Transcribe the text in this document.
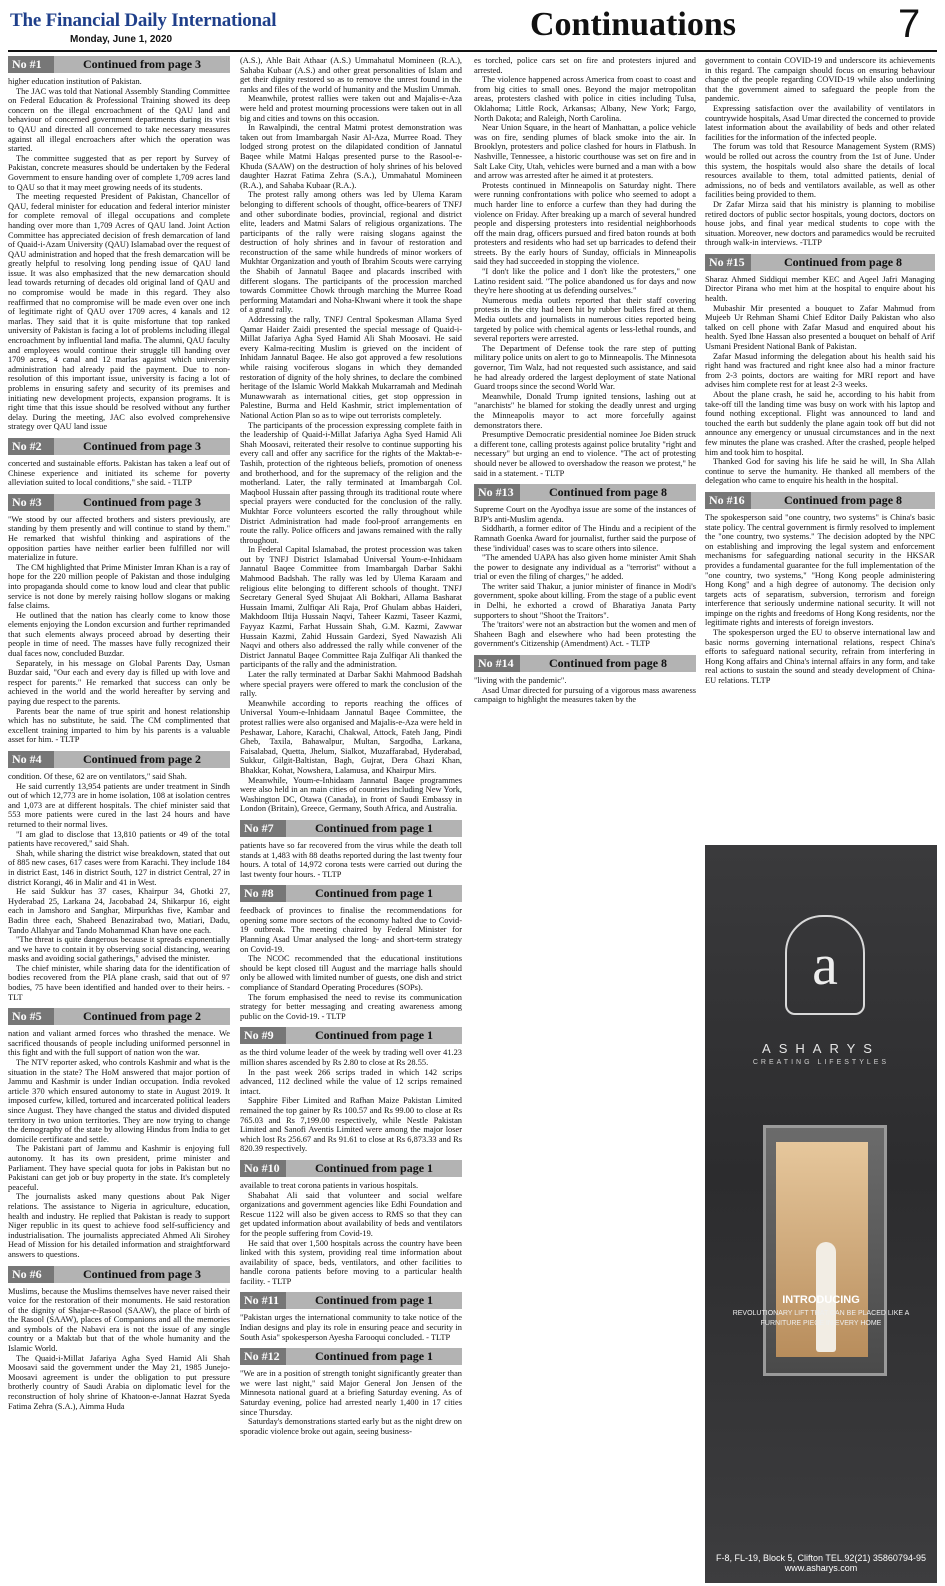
The Financial Daily International
Monday, June 1, 2020	Continuations	7
No #1	Continued from page 3

higher education institution of Pakistan.

The JAC was told that National Assembly Standing Committee on Federal Education & Professional Training showed its deep concern on the illegal encroachment of the QAU land and behaviour of concerned government departments during its visit to QAU and directed all concerned to take necessary measures against all illegal encroachers after which the operation was started.

The committee suggested that as per report by Survey of Pakistan, concrete measures should be undertaken by the Federal Government to ensure handing over of complete 1,709 acres land to QAU so that it may meet growing needs of its students.

The meeting requested President of Pakistan, Chancellor of QAU, federal minister for education and federal interior minister for complete removal of illegal occupations and complete handing over more than 1,709 Acres of QAU land. Joint Action Committee has appreciated decision of fresh demarcation of land of Quaid-i-Azam University (QAU) Islamabad over the request of QAU administration and hoped that the fresh demarcation will be greatly helpful to resolving long pending issue of QAU land issue. It was also emphasized that the new demarcation should lead towards returning of decades old original land of QAU and no compromise would be made in this regard. They also reaffirmed that no compromise will be made even over one inch of legitimate right of QAU over 1709 acres, 4 kanals and 12 marlas. They said that it is quite misfortune that top ranked university of Pakistan is facing a lot of problems including illegal encroachment by influential land mafia. The alumni, QAU faculty and employees would continue their struggle till handing over 1709 acres, 4 canal and 12 marlas against which university administration had already paid the payment. Due to non-resolution of this important issue, university is facing a lot of problems in ensuring safety and security of its premises and initiating new development projects, expansion programs. It is right time that this issue should be resolved without any further delay. During the meeting, JAC also evolved comprehensive strategy over QAU land issue

No #2	Continued from page 3

concerted and sustainable efforts. Pakistan has taken a leaf out of Chinese experience and initiated its scheme for poverty alleviation suited to local conditions," she said. - TLTP

No #3	Continued from page 3

"We stood by our affected brothers and sisters previously, are standing by them presently and will continue to stand by them." He remarked that wishful thinking and aspirations of the opposition parties have neither earlier been fulfilled nor will materialize in future.

The CM highlighted that Prime Minister Imran Khan is a ray of hope for the 220 million people of Pakistan and those indulging into propaganda should come to know loud and clear that public service is not done by merely raising hollow slogans or making false claims.

He outlined that the nation has clearly come to know those elements enjoying the London excursion and further reprimanded that such elements always proceed abroad by deserting their people in time of need. The masses have fully recognized their dual faces now, concluded Buzdar.

Separately, in his message on Global Parents Day, Usman Buzdar said, "Our each and every day is filled up with love and respect for parents." He remarked that success can only be achieved in the world and the world hereafter by serving and paying due respect to the parents.

Parents bear the name of true spirit and honest relationship which has no substitute, he said. The CM complimented that excellent training imparted to him by his parents is a valuable asset for him. - TLTP

No #4	Continued from page 2

condition. Of these, 62 are on ventilators," said Shah.

He said currently 13,954 patients are under treatment in Sindh out of which 12,773 are in home isolation, 108 at isolation centres and 1,073 are at different hospitals. The chief minister said that 553 more patients were cured in the last 24 hours and have returned to their normal lives.

"I am glad to disclose that 13,810 patients or 49 of the total patients have recovered," said Shah.

Shah, while sharing the district wise breakdown, stated that out of 885 new cases, 617 cases were from Karachi. They include 184 in district East, 146 in district South, 127 in district Central, 27 in district Korangi, 46 in Malir and 41 in West.

He said Sukkur has 37 cases, Khairpur 34, Ghotki 27, Hyderabad 25, Larkana 24, Jacobabad 24, Shikarpur 16, eight each in Jamshoro and Sanghar, Mirpurkhas five, Kambar and Badin three each, Shaheed Benazirabad two, Matiari, Dadu, Tando Allahyar and Tando Mohammad Khan have one each.

"The threat is quite dangerous because it spreads exponentially and we have to contain it by observing social distancing, wearing masks and avoiding social gatherings," advised the minister.

The chief minister, while sharing data for the identification of bodies recovered from the PIA plane crash, said that out of 97 bodies, 75 have been identified and handed over to their heirs. - TLT

No #5	Continued from page 2

nation and valiant armed forces who thrashed the menace. We sacrificed thousands of people including uniformed personnel in this fight and with the full support of nation won the war.

The NTV reporter asked, who controls Kashmir and what is the situation in the state? The HoM answered that major portion of Jammu and Kashmir is under Indian occupation. India revoked article 370 which ensured autonomy to state in August 2019. It imposed curfew, killed, tortured and incarcerated political leaders since August. They have changed the status and divided disputed territory in two union territories. They are now trying to change the demography of the state by allowing Hindus from India to get domicile certificate and settle.

The Pakistani part of Jammu and Kashmir is enjoying full autonomy. It has its own president, prime minister and Parliament. They have special quota for jobs in Pakistan but no Pakistani can get job or buy property in the state. It's completely peaceful.

The journalists asked many questions about Pak Niger relations. The assistance to Nigeria in agriculture, education, health and industry. He replied that Pakistan is ready to support Niger republic in its quest to achieve food self-sufficiency and industrialisation. The journalists appreciated Ahmed Ali Sirohey Head of Mission for his detailed information and straightforward answers to questions.

No #6	Continued from page 3

Muslims, because the Muslims themselves have never raised their voice for the restoration of their monuments. He said restoration of the dignity of Shajar-e-Rasool (SAAW), the place of birth of the Rasool (SAAW), places of Companions and all the memories and symbols of the Nabavi era is not the issue of any single country or a Maktab but that of the whole humanity and the Islamic World.

The Quaid-i-Millat Jafariya Agha Syed Hamid Ali Shah Moosavi said the government under the May 21, 1985 Junejo-Moosavi agreement is under the obligation to put pressure brotherly country of Saudi Arabia on diplomatic level for the reconstruction of holy shrine of Khatoon-e-Jannat Hazrat Syeda Fatima Zehra (S.A.), Aimma Huda

(A.S.), Ahle Bait Athaar (A.S.) Ummahatul Momineen (R.A.), Sahaba Kubaar (A.S.) and other great personalities of Islam and get their dignity restored so as to remove the unrest found in the ranks and files of the world of humanity and the Muslim Ummah.

Meanwhile, protest rallies were taken out and Majalis-e-Aza were held and protest mourning processions were taken out in all big and cities and towns on this occasion.

In Rawalpindi, the central Matmi protest demonstration was taken out from Imambargah Nasir Al-Aza, Murree Road. They lodged strong protest on the dilapidated condition of Jannatul Baqee while Matmi Halqas presented purse to the Rasool-e-Khuda (SAAW) on the destruction of holy shrines of his beloved daughter Hazrat Fatima Zehra (S.A.), Ummahatul Momineen (R.A.), and Sahaba Kubaar (R.A.).

The protest rally among others was led by Ulema Karam belonging to different schools of thought, office-bearers of TNFJ and other subordinate bodies, provincial, regional and district elite, leaders and Matmi Salars of religious organizations. The participants of the rally were raising slogans against the destruction of holy shrines and in favour of restoration and reconstruction of the same while hundreds of minor workers of Mukhtar Organization and youth of Ibrahim Scouts were carrying the Shabih of Jannatul Baqee and placards inscribed with different slogans. The participants of the procession marched towards Committee Chowk through marching the Murree Road performing Matamdari and Noha-Khwani where it took the shape of a grand rally.

Addressing the rally, TNFJ Central Spokesman Allama Syed Qamar Haider Zaidi presented the special message of Quaid-i-Millat Jafariya Agha Syed Hamid Ali Shah Moosavi. He said every Kalma-reciting Muslim is grieved on the incident of Inhidam Jannatul Baqee. He also got approved a few resolutions while raising vociferous slogans in which they demanded restoration of dignity of the holy shrines, to declare the combined heritage of the Islamic World Makkah Mukarramah and Medinah Munawwarah as international cities, get stop oppression in Palestine, Burma and Held Kashmir, strict implementation of National Action Plan so as to wipe out terrorists completely.

The participants of the procession expressing complete faith in the leadership of Quaid-i-Millat Jafariya Agha Syed Hamid Ali Shah Moosavi, reiterated their resolve to continue supporting his every call and offer any sacrifice for the rights of the Maktab-e-Tashih, protection of the righteous beliefs, promotion of oneness and brotherhood, and for the supremacy of the religion and the motherland. Later, the rally terminated at Imambargah Col. Maqbool Hussain after passing through its traditional route where special prayers were conducted for the conclusion of the rally. Mukhtar Force volunteers escorted the rally throughout while District Administration had made fool-proof arrangements en route the rally. Police officers and jawans remained with the rally throughout.

In Federal Capital Islamabad, the protest procession was taken out by TNFJ District Islamabad Universal Youm-e-Inhidaam Jannatul Baqee Committee from Imambargah Darbar Sakhi Mahmood Badshah. The rally was led by Ulema Karaam and religious elite belonging to different schools of thought. TNFJ Secretary General Syed Shujaat Ali Bokhari, Allama Basharat Hussain Imami, Zulfiqar Ali Raja, Prof Ghulam abbas Haideri, Makhdoom Iltija Hussain Naqvi, Taheer Kazmi, Taseer Kazmi, Fayyaz Kazmi, Farhat Hussain Shah, G.M. Kazmi, Zawwar Hussain Kazmi, Zahid Hussain Gardezi, Syed Nawazish Ali Naqvi and others also addressed the rally while convener of the District Jannatul Baqee Committee Raja Zulfiqar Ali thanked the participants of the rally and the administration.

Later the rally terminated at Darbar Sakhi Mahmood Badshah where special prayers were offered to mark the conclusion of the rally.

Meanwhile according to reports reaching the offices of Universal Youm-e-Inhidaam Jannatul Baqee Committee, the protest rallies were also organised and Majalis-e-Aza were held in Peshawar, Lahore, Karachi, Chakwal, Attock, Fateh Jang, Pindi Gheb, Taxila, Bahawalpur, Multan, Sargodha, Larkana, Faisalabad, Quetta, Jhelum, Sialkot, Muzaffarabad, Hyderabad, Sukkur, Gilgit-Baltistan, Bagh, Gujrat, Dera Ghazi Khan, Bhakkar, Kohat, Nowshera, Lalamusa, and Khairpur Mirs.

Meanwhile, Youm-e-Inhidaam Jannatul Baqee programmes were also held in an main cities of countries including New York, Washington DC, Otawa (Canada), in front of Saudi Embassy in London (Britain), Greece, Germany, South Africa, and Australia.

No #7	Continued from page 1

patients have so far recovered from the virus while the death toll stands at 1,483 with 88 deaths reported during the last twenty four hours. A total of 14,972 corona tests were carried out during the last twenty four hours. - TLTP

No #8	Continued from page 1

feedback of provinces to finalise the recommendations for opening some more sectors of the economy halted due to Covid-19 outbreak. The meeting chaired by Federal Minister for Planning Asad Umar analysed the long- and short-term strategy on Covid-19.

The NCOC recommended that the educational institutions should be kept closed till August and the marriage halls should only be allowed with limited number of guests, one dish and strict compliance of Standard Operating Procedures (SOPs).

The forum emphasised the need to revise its communication strategy for better messaging and creating awareness among public on the Covid-19. - TLTP

No #9	Continued from page 1

as the third volume leader of the week by trading well over 41.23 million shares ascended by Rs 2.80 to close at Rs 28.55.

In the past week 266 scrips traded in which 142 scrips advanced, 112 declined while the value of 12 scrips remained intact.

Sapphire Fiber Limited and Rafhan Maize Pakistan Limited remained the top gainer by Rs 100.57 and Rs 99.00 to close at Rs 765.03 and Rs 7,199.00 respectively, while Nestle Pakistan Limited and Sanofi Aventis Limited were among the major loser which lost Rs 256.67 and Rs 91.61 to close at Rs 6,873.33 and Rs 820.39 respectively.

No #10	Continued from page 1

available to treat corona patients in various hospitals.

Shabahat Ali said that volunteer and social welfare organizations and government agencies like Edhi Foundation and Rescue 1122 will also be given access to RMS so that they can get updated information about availability of beds and ventilators for the people suffering from Covid-19.

He said that over 1,500 hospitals across the country have been linked with this system, providing real time information about availability of space, beds, ventilators, and other facilities to handle corona patients before moving to a particular health facility. - TLTP

No #11	Continued from page 1

"Pakistan urges the international community to take notice of the Indian designs and play its role in ensuring peace and security in South Asia" spokesperson Ayesha Farooqui concluded. - TLTP

No #12	Continued from page 1

"We are in a position of strength tonight significantly greater than we were last night," said Major General Jon Jensen of the Minnesota national guard at a briefing Saturday evening. As of Saturday evening, police had arrested nearly 1,400 in 17 cities since Thursday.

Saturday's demonstrations started early but as the night drew on sporadic violence broke out again, seeing business-

es torched, police cars set on fire and protesters injured and arrested.

The violence happened across America from coast to coast and from big cities to small ones. Beyond the major metropolitan areas, protesters clashed with police in cities including Tulsa, Oklahoma; Little Rock, Arkansas; Albany, New York; Fargo, North Dakota; and Raleigh, North Carolina.

Near Union Square, in the heart of Manhattan, a police vehicle was on fire, sending plumes of black smoke into the air. In Brooklyn, protesters and police clashed for hours in Flatbush. In Nashville, Tennessee, a historic courthouse was set on fire and in Salt Lake City, Utah, vehicles were burned and a man with a bow and arrow was arrested after he aimed it at protesters.

Protests continued in Minneapolis on Saturday night. There were running confrontations with police who seemed to adopt a much harder line to enforce a curfew than they had during the violence on Friday. After breaking up a march of several hundred people and dispersing protesters into residential neighborhoods off the main drag, officers pursued and fired baton rounds at both protesters and residents who had set up barricades to defend their streets. By the early hours of Sunday, officials in Minneapolis said they had succeeded in stopping the violence.

"I don't like the police and I don't like the protesters," one Latino resident said. "The police abandoned us for days and now they're here shooting at us defending ourselves."

Numerous media outlets reported that their staff covering protests in the city had been hit by rubber bullets fired at them. Media outlets and journalists in numerous cities reported being targeted by police with chemical agents or less-lethal rounds, and several reporters were arrested.

The Department of Defense took the rare step of putting military police units on alert to go to Minneapolis. The Minnesota governor, Tim Walz, had not requested such assistance, and said he had already ordered the largest deployment of state National Guard troops since the second World War.

Meanwhile, Donald Trump ignited tensions, lashing out at "anarchists" he blamed for stoking the deadly unrest and urging the Minneapolis mayor to act more forcefully against demonstrators there.

Presumptive Democratic presidential nominee Joe Biden struck a different tone, calling protests against police brutality "right and necessary" but urging an end to violence. "The act of protesting should never be allowed to overshadow the reason we protest," he said in a statement. - TLTP

No #13	Continued from page 8

Supreme Court on the Ayodhya issue are some of the instances of BJP's anti-Muslim agenda.

Siddharth, a former editor of The Hindu and a recipient of the Ramnath Goenka Award for journalist, further said the purpose of these 'individual' cases was to scare others into silence.

"The amended UAPA has also given home minister Amit Shah the power to designate any individual as a "terrorist" without a trial or even the filing of charges," he added.

The writer said Thakur, a junior minister of finance in Modi's government, spoke about killing. From the stage of a public event in Delhi, he exhorted a crowd of Bharatiya Janata Party supporters to shout "Shoot the Traitors".

The 'traitors' were not an abstraction but the women and men of Shaheen Bagh and elsewhere who had been protesting the government's Citizenship (Amendment) Act. - TLTP

No #14	Continued from page 8

"living with the pandemic".

Asad Umar directed for pursuing of a vigorous mass awareness campaign to highlight the measures taken by the

government to contain COVID-19 and underscore its achievements in this regard. The campaign should focus on ensuring behaviour change of the people regarding COVID-19 while also underlining that the government aimed to safeguard the people from the pandemic.

Expressing satisfaction over the availability of ventilators in countrywide hospitals, Asad Umar directed the concerned to provide latest information about the availability of beds and other related facilities for the information of the infected people.

The forum was told that Resource Management System (RMS) would be rolled out across the country from the 1st of June. Under this system, the hospitals would also share the details of local resources available to them, total admitted patients, denial of admissions, no of beds and ventilators available, as well as other facilities being provided to them.

Dr Zafar Mirza said that his ministry is planning to mobilise retired doctors of public sector hospitals, young doctors, doctors on house jobs, and final year medical students to cope with the situation. Moreover, new doctors and paramedics would be recruited through walk-in interviews. -TLTP

No #15	Continued from page 8

Sharaz Ahmed Siddiqui member KEC and Aqeel Jafri Managing Director Pirana who met him at the hospital to enquire about his health.

Mubashir Mir presented a bouquet to Zafar Mahmud from Mujeeb Ur Rehman Shami Chief Editor Daily Pakistan who also talked on cell phone with Zafar Masud and enquired about his health. Syed Ibne Hassan also presented a bouquet on behalf of Arif Usmani President National Bank of Pakistan.

Zafar Masud informing the delegation about his health said his right hand was fractured and right knee also had a minor fracture from 2-3 points, doctors are waiting for MRI report and have advises him complete rest for at least 2-3 weeks.

About the plane crash, he said he, according to his habit from take-off till the landing time was busy on work with his laptop and found nothing exceptional. Flight was announced to land and touched the earth but suddenly the plane again took off but did not announce any emergency or unusual circumstances and in the next few minutes the plane was crashed. After the crashed, people helped him and took him to hospital.

Thanked God for saving his life he said he will, In Sha Allah continue to serve the humanity. He thanked all members of the delegation who came to enquire his health in the hospital.

No #16	Continued from page 8

The spokesperson said "one country, two systems" is China's basic state policy. The central government is firmly resolved to implement the "one country, two systems." The decision adopted by the NPC on establishing and improving the legal system and enforcement mechanisms for safeguarding national security in the HKSAR provides a fundamental guarantee for the full implementation of the "one country, two systems," "Hong Kong people administering Hong Kong" and a high degree of autonomy. The decision only targets acts of separatism, subversion, terrorism and foreign interference that seriously undermine national security. It will not impinge on the rights and freedoms of Hong Kong residents, nor the legitimate rights and interests of foreign investors.

The spokesperson urged the EU to observe international law and basic norms governing international relations, respect China's efforts to safeguard national security, refrain from interfering in Hong Kong affairs and China's internal affairs in any form, and take real actions to sustain the sound and steady development of China-EU relations. TLTP

a
ASHARYS
CREATING LIFESTYLES
INTRODUCING
REVOLUTIONARY LIFT THAT CAN BE PLACED LIKE A FURNITURE PIECE IN EVERY HOME
F-8, FL-19, Block 5, Clifton TEL.92(21) 35860794-95 www.asharys.com
